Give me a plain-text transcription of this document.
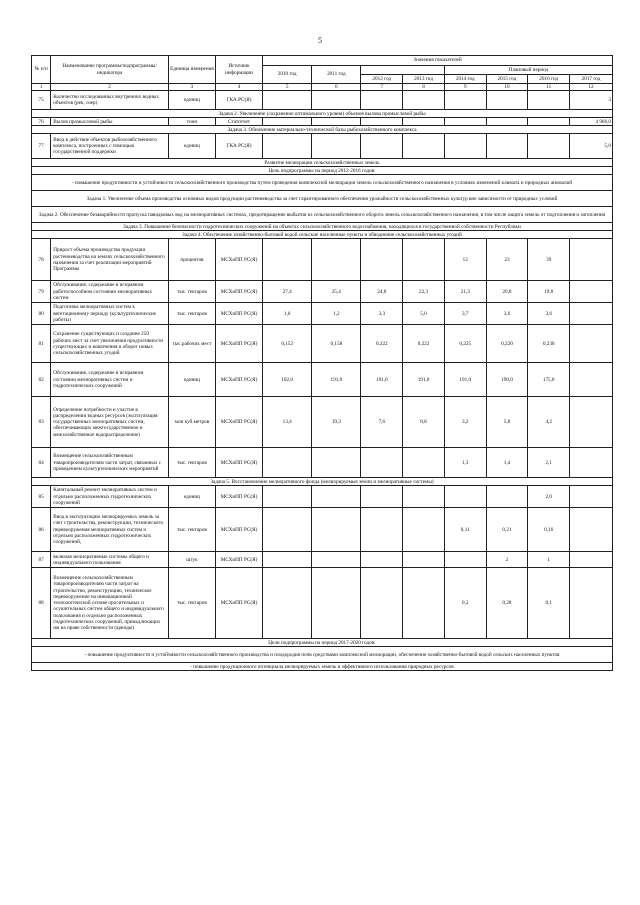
5
№ п/п	Наименование программы/подпрограммы/индикатора	Единица измерения	Источник информации	Значения показателей							
				2010 год	2011 год			Плановый период			
						2012 год	2013 год	2014 год	2015 год	2016 год	2017 год
1	2	3	4	5	6	7	8	9	10	11	12
75	Количество исследованных внутренних водных объектов (рек, озер)	единиц	ГКА РС(Я)								3
Задача 2. Увеличение (сохранение оптимального уровня) объемов вылова промысловой рыбы											
76	Вылов промысловой рыбы	тонн	Статотчет								4 966,0
Задача 3. Обновление материально-технической базы рыбохозяйственного комплекса											
77	Ввод в действие объектов рыбохозяйственного комплекса, построенных с помощью государственной поддержки	единиц	ГКА РС(Я)								5,0
Развитие мелиорации сельскохозяйственных земель											
Цель подпрограммы на период 2012-2016 годов:											
- повышение продуктивности и устойчивости сельскохозяйственного производства путем проведения комплексной мелиорации земель сельскохозяйственного назначения в условиях изменений климата и природных аномалий											
Задача 1. Увеличение объема производства основных видов продукции растениеводства за счет гарантированного обеспечения урожайности сельскохозяйственных культур вне зависимости от природных условий											
Задача 2. Обеспечение безаварийности пропуска паводковых вод на мелиоративных системах, предотвращение выбытия из сельскохозяйственного оборота земель сельскохозяйственного назначения, в том числе защита земель от подтопления и затопления											
Задача 3. Повышение безопасности гидротехнических сооружений на объектах сельскохозяйственного водоснабжения, находящихся в государственной собственности Республики											
Задача 4. Обеспечение хозяйственно-бытовой водой сельские населенные пункты и обводнение сельскохозяйственных угодий											
78	Прирост объема производства продукции растениеводства на землях сельскохозяйственного назначения за счет реализации мероприятий Программы	процентов	МСХиПП РС(Я)					12	23	39	
79	Обслуживание, содержание в исправном работоспособном состоянии мелиоративных систем	тыс. гектаров	МСХиПП РС(Я)	27,4	25,4	24,8	22,3	21,3	20,8	19,8	
80	Подготовка мелиоративных систем к вегетационному периоду (культуртехнические работы)	тыс. гектаров	МСХиПП РС(Я)	1,0	1,2	3,3	5,0	3,7	3,6	3,6	
81	Сохранение существующих и создание 250 рабочих мест за счет увеличения продуктивности существующих и вовлечения в оборот новых сельскохозяйственных угодий	тыс.рабочих мест	МСХиПП РС(Я)	0,152	0,158	0,222	0,222	0,225	0,220	0,230	
82	Обслуживание, содержание в исправном состоянии мелиоративных систем и гидротехнических сооружений	единиц	МСХиПП РС(Я)	102,0	191,0	191,0	191,0	191,0	190,0	175,0	
83	Определение потребности и участие в распределении водных ресурсов (эксплуатация государственных мелиоративных систем, обеспечивающих межгосударственное и межхозяйственное водораспределение)	млн куб.метров	МСХиПП РС(Я)	13,4	19,3	7,6	8,8	3,2	5,8	4,2	
84	Возмещение сельскохозяйственным товаропроизводителям части затрат, связанных с проведением культуртехнических мероприятий	тыс. гектаров	МСХиПП РС(Я)					1,3	1,4	2,1	
Задача 5. Восстановление мелиоративного фонда (мелиорируемые земли и мелиоративные системы)											
85	Капитальный ремонт мелиоративных систем и отдельно расположенных гидротехнических сооружений	единиц	МСХиПП РС(Я)							2,0	
86	Ввод в эксплуатацию мелиорируемых земель за счет строительства, реконструкции, технического перевооружения мелиоративных систем и отдельно расположенных гидротехнических сооружений,	тыс. гектаров	МСХиПП РС(Я)					0,11	0,21	0,16	
87	включая мелиоративные системы общего и индивидуального пользования	штук	МСХиПП РС(Я)						2	1	
88	Возмещение сельскохозяйственным товаропроизводителям части затрат на строительство, реконструкцию, техническое перевооружение на инновационной технологической основе оросительных и осушительных систем общего и индивидуального пользования и отдельно расположенных гидротехнических сооружений, принадлежащих им на праве собственности (аренды)	тыс. гектаров	МСХиПП РС(Я)					0,2	0,28	0,1	
Цели подпрограммы на период 2017-2020 годов:											
- повышение продуктивности и устойчивости сельскохозяйственного производства и плодородия почв средствами комплексной мелиорации, обеспечение хозяйственно-бытовой водой сельских населенных пунктов											
- повышение продукционного потенциала мелиорируемых земель и эффективного использования природных ресурсов											
